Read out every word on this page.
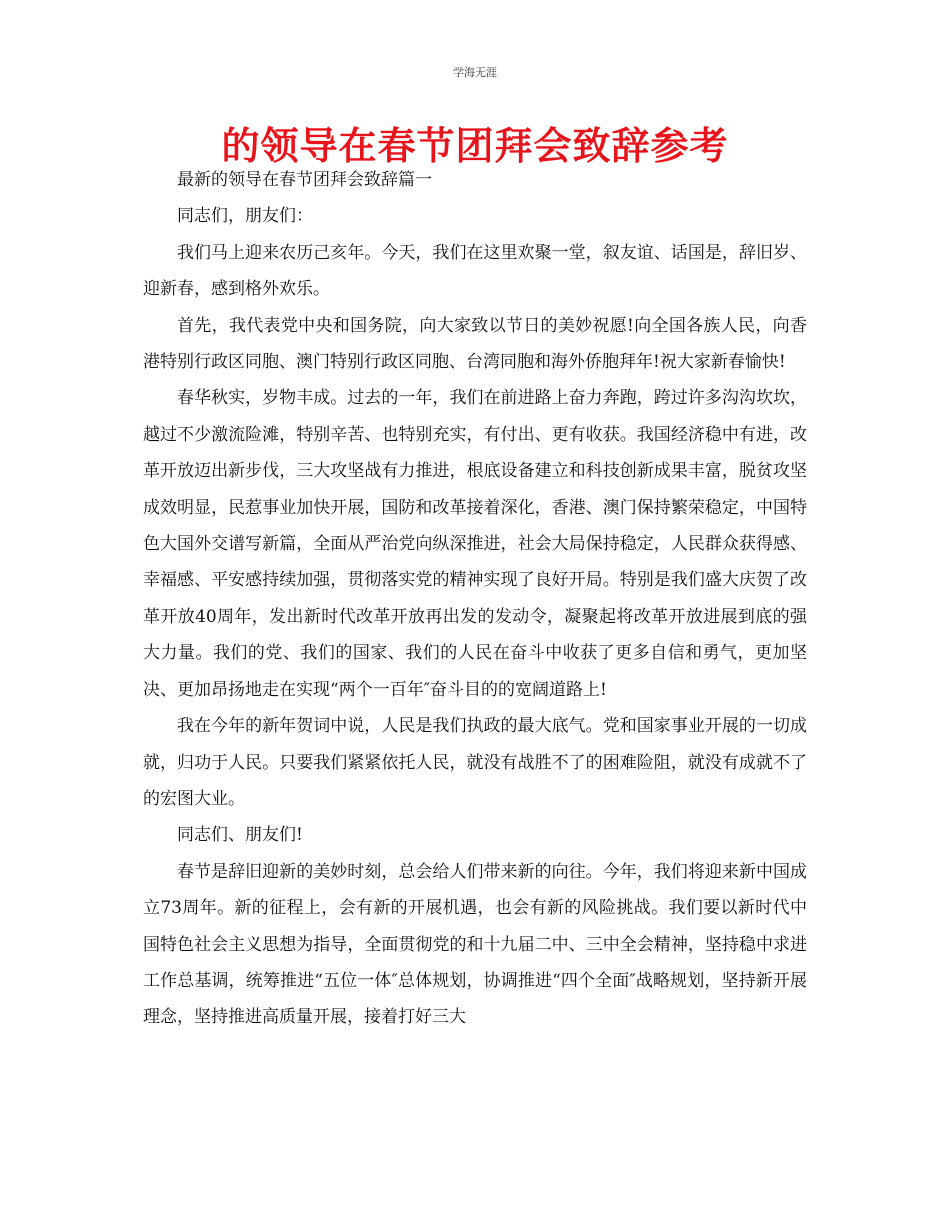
学海无涯
的领导在春节团拜会致辞参考

最新的领导在春节团拜会致辞篇一

同志们，朋友们：

我们马上迎来农历己亥年。今天，我们在这里欢聚一堂，叙友谊、话国是，辞旧岁、迎新春，感到格外欢乐。

首先，我代表党中央和国务院，向大家致以节日的美妙祝愿!向全国各族人民，向香港特别行政区同胞、澳门特别行政区同胞、台湾同胞和海外侨胞拜年!祝大家新春愉快!

春华秋实，岁物丰成。过去的一年，我们在前进路上奋力奔跑，跨过许多沟沟坎坎，越过不少激流险滩，特别辛苦、也特别充实，有付出、更有收获。我国经济稳中有进，改革开放迈出新步伐，三大攻坚战有力推进，根底设备建立和科技创新成果丰富，脱贫攻坚成效明显，民惹事业加快开展，国防和改革接着深化，香港、澳门保持繁荣稳定，中国特色大国外交谱写新篇，全面从严治党向纵深推进，社会大局保持稳定，人民群众获得感、幸福感、平安感持续加强，贯彻落实党的精神实现了良好开局。特别是我们盛大庆贺了改革开放40周年，发出新时代改革开放再出发的发动令，凝聚起将改革开放进展到底的强大力量。我们的党、我们的国家、我们的人民在奋斗中收获了更多自信和勇气，更加坚决、更加昂扬地走在实现“两个一百年″奋斗目的的宽阔道路上!

我在今年的新年贺词中说，人民是我们执政的最大底气。党和国家事业开展的一切成就，归功于人民。只要我们紧紧依托人民，就没有战胜不了的困难险阻，就没有成就不了的宏图大业。

同志们、朋友们!

春节是辞旧迎新的美妙时刻，总会给人们带来新的向往。今年，我们将迎来新中国成立73周年。新的征程上，会有新的开展机遇，也会有新的风险挑战。我们要以新时代中国特色社会主义思想为指导，全面贯彻党的和十九届二中、三中全会精神，坚持稳中求进工作总基调，统筹推进“五位一体″总体规划，协调推进“四个全面″战略规划，坚持新开展理念，坚持推进高质量开展，接着打好三大
